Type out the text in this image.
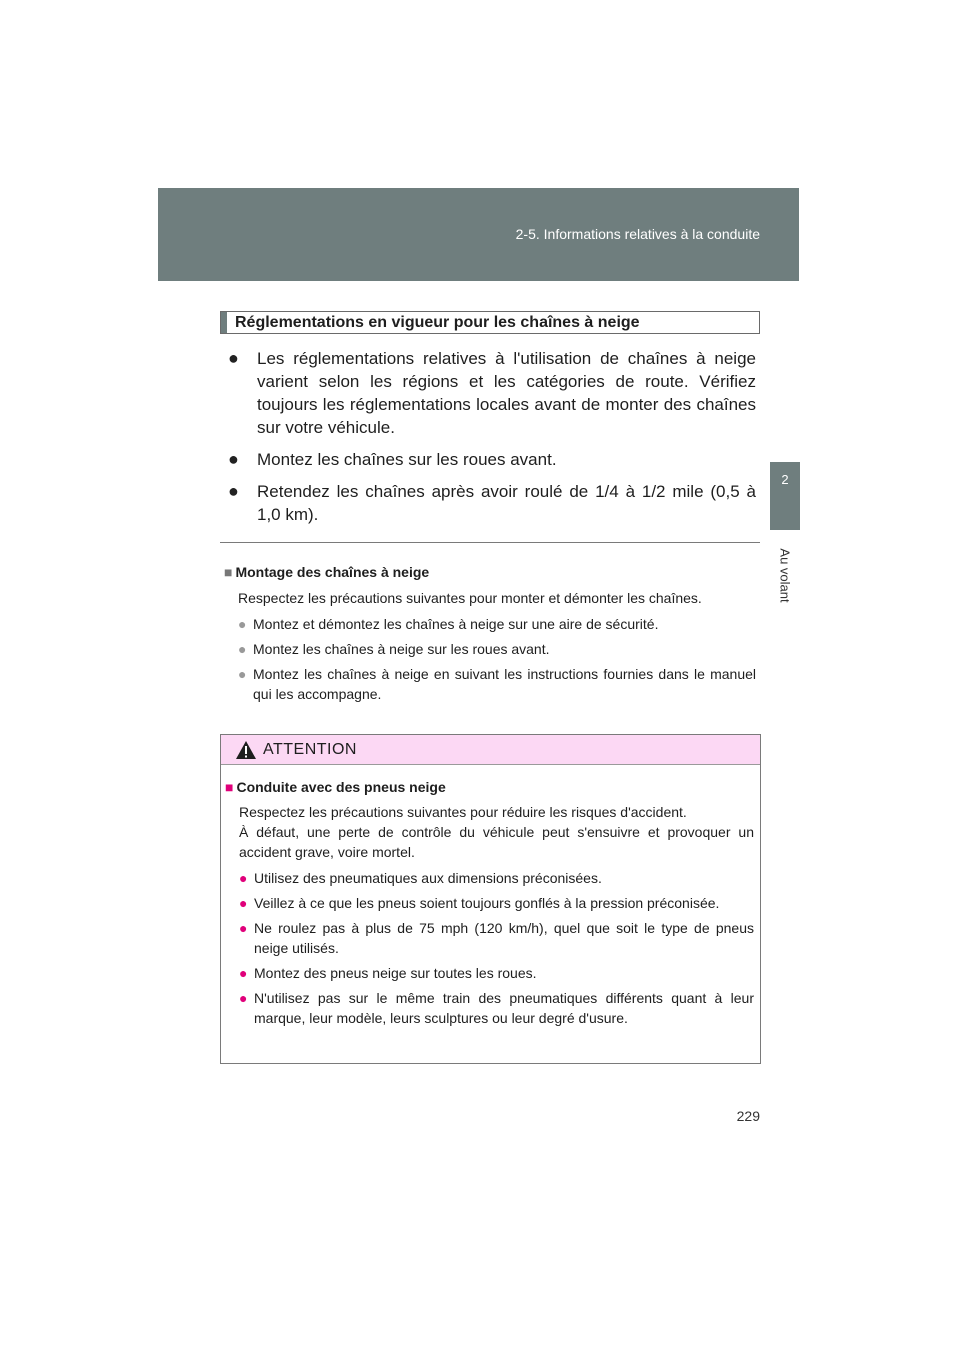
2-5. Informations relatives à la conduite
2
Au volant
Réglementations en vigueur pour les chaînes à neige
● Les réglementations relatives à l'utilisation de chaînes à neige varient selon les régions et les catégories de route. Vérifiez toujours les réglementations locales avant de monter des chaînes sur votre véhicule.
● Montez les chaînes sur les roues avant.
● Retendez les chaînes après avoir roulé de 1/4 à 1/2 mile (0,5 à 1,0 km).
■ Montage des chaînes à neige
Respectez les précautions suivantes pour monter et démonter les chaînes.
● Montez et démontez les chaînes à neige sur une aire de sécurité.
● Montez les chaînes à neige sur les roues avant.
● Montez les chaînes à neige en suivant les instructions fournies dans le manuel qui les accompagne.
ATTENTION
■ Conduite avec des pneus neige
Respectez les précautions suivantes pour réduire les risques d'accident.
À défaut, une perte de contrôle du véhicule peut s'ensuivre et provoquer un accident grave, voire mortel.
● Utilisez des pneumatiques aux dimensions préconisées.
● Veillez à ce que les pneus soient toujours gonflés à la pression préconisée.
● Ne roulez pas à plus de 75 mph (120 km/h), quel que soit le type de pneus neige utilisés.
● Montez des pneus neige sur toutes les roues.
● N'utilisez pas sur le même train des pneumatiques différents quant à leur marque, leur modèle, leurs sculptures ou leur degré d'usure.
229
